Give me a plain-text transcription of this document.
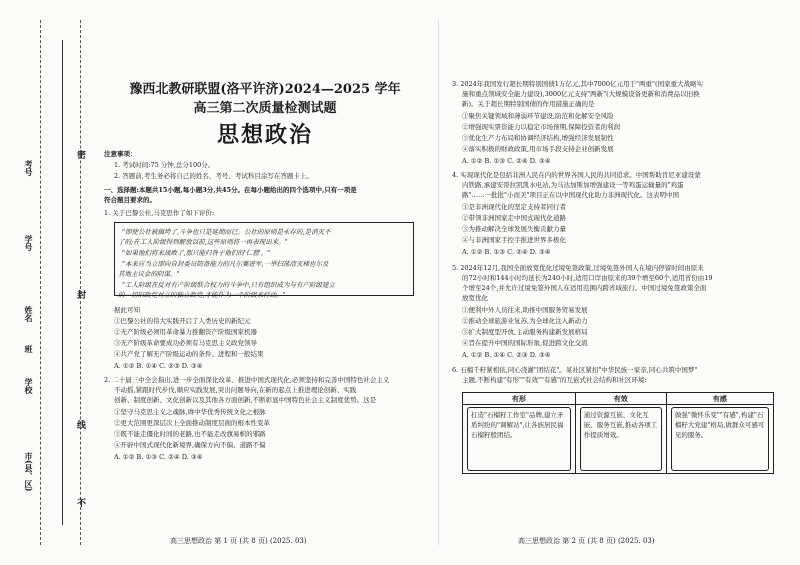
密
考号
学号
姓名
封
班
学校
线
市(县、区)
不
豫西北教研联盟(洛平许济)2024—2025 学年
高三第二次质量检测试题
思想政治
注意事项：
1. 考试时间:75 分钟,总分100分。
2. 答题前,考生务必将自己的姓名、考号、考试科目涂写在答题卡上。
一、选择题:本题共15小题,每小题3分,共45分。在每小题给出的四个选项中,只有一项是
符合题目要求的。
1. 关于巴黎公社,马克思作了如下评价:
"即使公社被搞垮了,斗争也只是延期而已。公社的原则是永存的,是消灭不
了的;在工人阶级得到解放以前,这些原则将一再表现出来。"
"如果他们将来战败了,那只能归咎于他们的'仁慈'。"
"本来应当立即向自封委员防备能力的凡尔赛进军,一举扫荡清灭梯也尔及
其地主议会的阴谋。"
"工人阶级在反对有产阶级联合权力的斗争中,只有组织成为与有产阶级建立
的一切旧政党对立的独立政党,才能作为一个阶级来行动。"
据此可知
①巴黎公社的伟大实践开启了人类历史的新纪元
②无产阶级必须用革命暴力推翻资产阶级国家机器
③无产阶级革命要成功必须有马克思主义政党领导
④共产党了解无产阶级运动的条件、进程和一般结果
A. ①② B. ①④ C. ②③ D. ③④
2. 二十届三中全会指出,进一步全面深化改革、推进中国式现代化,必须坚持和完善中国特色社会主义
不动摇,紧跟时代步伐,顺应实践发展,突出问题导向,在新的起点上推进理论创新、实践
创新、制度创新、文化创新以及其他各方面创新,不断彰显中国特色社会主义制度优势。这是
①坚守马克思主义之魂脉,赓中华优秀传统文化之根脉
②更大范围更深层次上全面推动制度层面的根本性变革
③既不能走僵化时间的老路,也不能走改旗易帜的邪路
④开辟中国式现代化新境界,确保方向不偏、道路不偏
A. ①② B. ①③ C. ②④ D. ③④
高三思想政治 第 1 页 (共 8 页) (2025. 03)
3. 2024年我国发行超长期特别国债1万亿元,其中7000亿元用于"两重"(国家重大战略实
施和重点领域安全能力建设),3000亿元支持"两新"(大规模设备更新和消费品以旧换
新)。关于超长期特别国债的作用措施正确的是
①聚焦关键领域和薄弱环节建设,防范和化解安全风险
②增强现实票资能力以稳定市场预期,保障投资者的利润
③优化生产力布局和协调经济结构,增强经济发展韧性
④落实积极的财政政策,用市场手段支持企业创新发展
A. ①② B. ①③ C. ②④ D. ③④
4. 实现现代化是包括非洲人民在内的世界各国人民的共同追求。中国帮助肯尼亚建设蒙
内铁路,承建安哥拉凯凯水电站,为马达加斯加增强建设一等鸡蛋运输量的"鸡蛋
路"……一批批"小而美"项目正在以中国现代化助力非洲现代化。这表明中国
①是非洲现代化的坚定支持者同行者
②带领非洲国家走中国式现代化道路
③为推动解决全球发展失衡贡献力量
④与非洲国家手控手推进世界多极化
A. ①② B. ①③ C. ②④ D. ③④
5. 2024年12月,我国全面放宽优化过境免签政策,过境免签外国人在境内停留时间由原来
的72小时和144小时均延长为240小时,适用口岸由原来的39个增至60个,适用省份由19
个增至24个,并允许过境免签外国人在适用范围内跨省域旅行。中国过境免签政策全面
放宽优化
①便利中外人员往来,助推中国服务贸易发展
②推动全球旅游业复苏,为全球化注入新动力
③扩大制度型开放,主动服务构建新发展格局
④旨在提升中国的国际形象,促进跨文化交流
A. ①② B. ①④ C. ②③ D. ③④
6. 石榴千籽紧相依,同心浇灌"团结花"。某社区紧扣"中华民族一家亲,同心共筑中国梦"
主题,不断构建"有形""有效""有感"的互嵌式社会结构和社区环境:
有形	有效	有感

打造"石榴籽工作室"品牌,建立矛盾纠纷的"调解站",让各族居民福石榴籽般团结。	通过资源互嵌、文化互嵌、服务互嵌,推动各项工作提质增效。	做强"微怀乐变""有感",构建"石榴籽大党建"格局,做群众可感可见的服务。
高三思想政治 第 2 页 (共 8 页) (2025. 03)
